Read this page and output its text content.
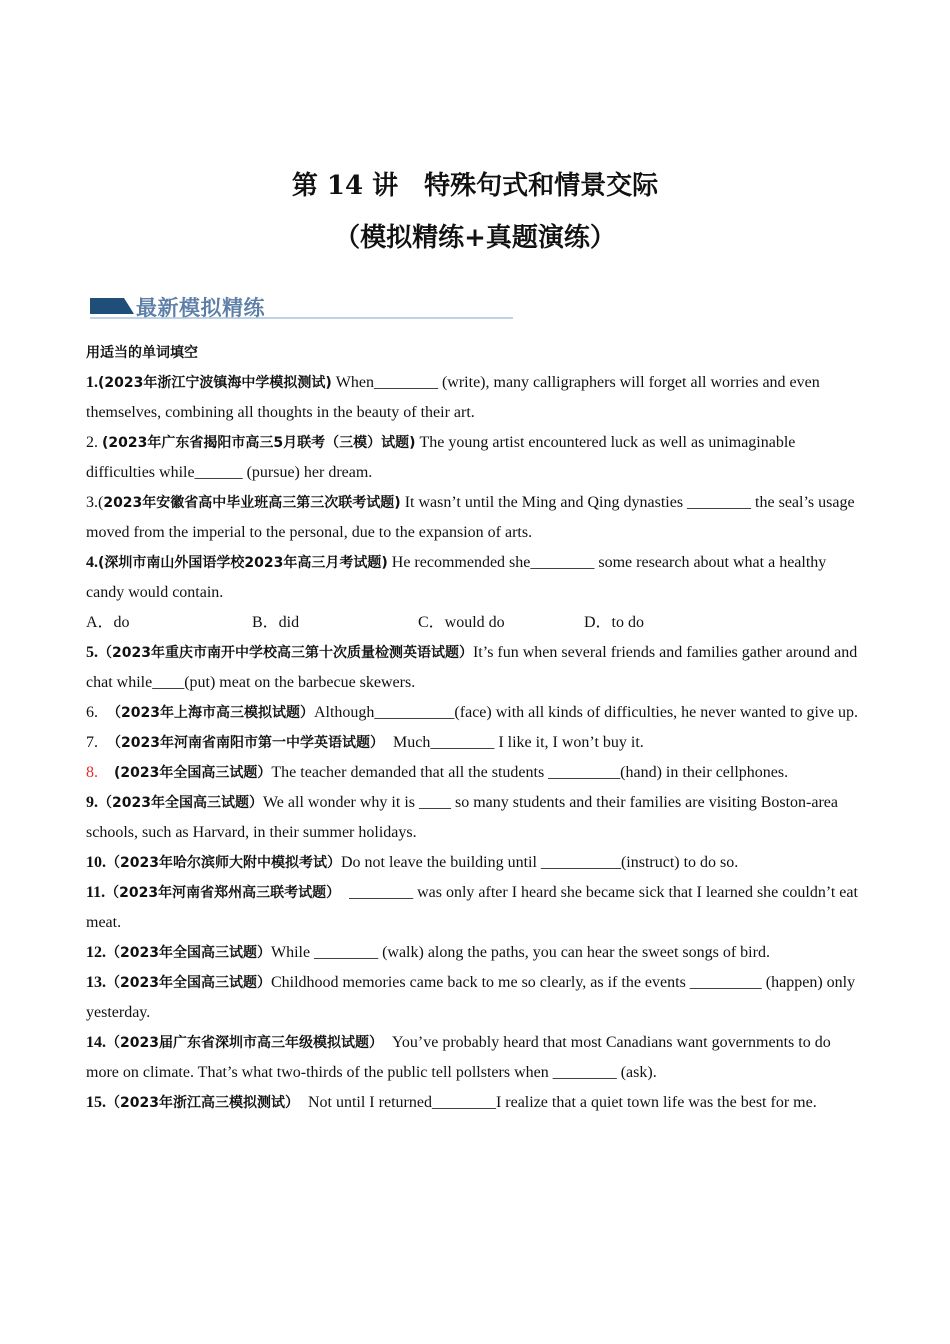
第 14 讲　特殊句式和情景交际
（模拟精练+真题演练）
最新模拟精练
用适当的单词填空
1.(2023年浙江宁波镇海中学模拟测试) When________ (write), many calligraphers will forget all worries and even themselves, combining all thoughts in the beauty of their art.
2. (2023年广东省揭阳市高三5月联考（三模）试题) The young artist encountered luck as well as unimaginable difficulties while______ (pursue) her dream.
3.(2023年安徽省高中毕业班高三第三次联考试题) It wasn’t until the Ming and Qing dynasties ________ the seal’s usage moved from the imperial to the personal, due to the expansion of arts.
4.(深圳市南山外国语学校2023年高三月考试题) He recommended she________ some research about what a healthy candy would contain.
A．do	B．did	C．would do	D．to do
5.（2023年重庆市南开中学校高三第十次质量检测英语试题）It’s fun when several friends and families gather around and chat while____(put) meat on the barbecue skewers.
6.　（2023年上海市高三模拟试题）Although__________(face) with all kinds of difficulties, he never wanted to give up.
7.　（2023年河南省南阳市第一中学英语试题）　Much________ I like it, I won’t buy it.
8.　(2023年全国高三试题）The teacher demanded that all the students _________(hand) in their cellphones.
9.（2023年全国高三试题）We all wonder why it is ____ so many students and their families are visiting Boston-area schools, such as Harvard, in their summer holidays.
10.（2023年哈尔滨师大附中模拟考试）Do not leave the building until __________(instruct) to do so.
11.（2023年河南省郑州高三联考试题）　________ was only after I heard she became sick that I learned she couldn’t eat meat.
12.（2023年全国高三试题）While ________ (walk) along the paths, you can hear the sweet songs of bird.
13.（2023年全国高三试题）Childhood memories came back to me so clearly, as if the events _________ (happen) only yesterday.
14.（2023届广东省深圳市高三年级模拟试题）　You’ve probably heard that most Canadians want governments to do more on climate. That’s what two-thirds of the public tell pollsters when ________ (ask).
15.（2023年浙江高三模拟测试）　Not until I returned________I realize that a quiet town life was the best for me.
